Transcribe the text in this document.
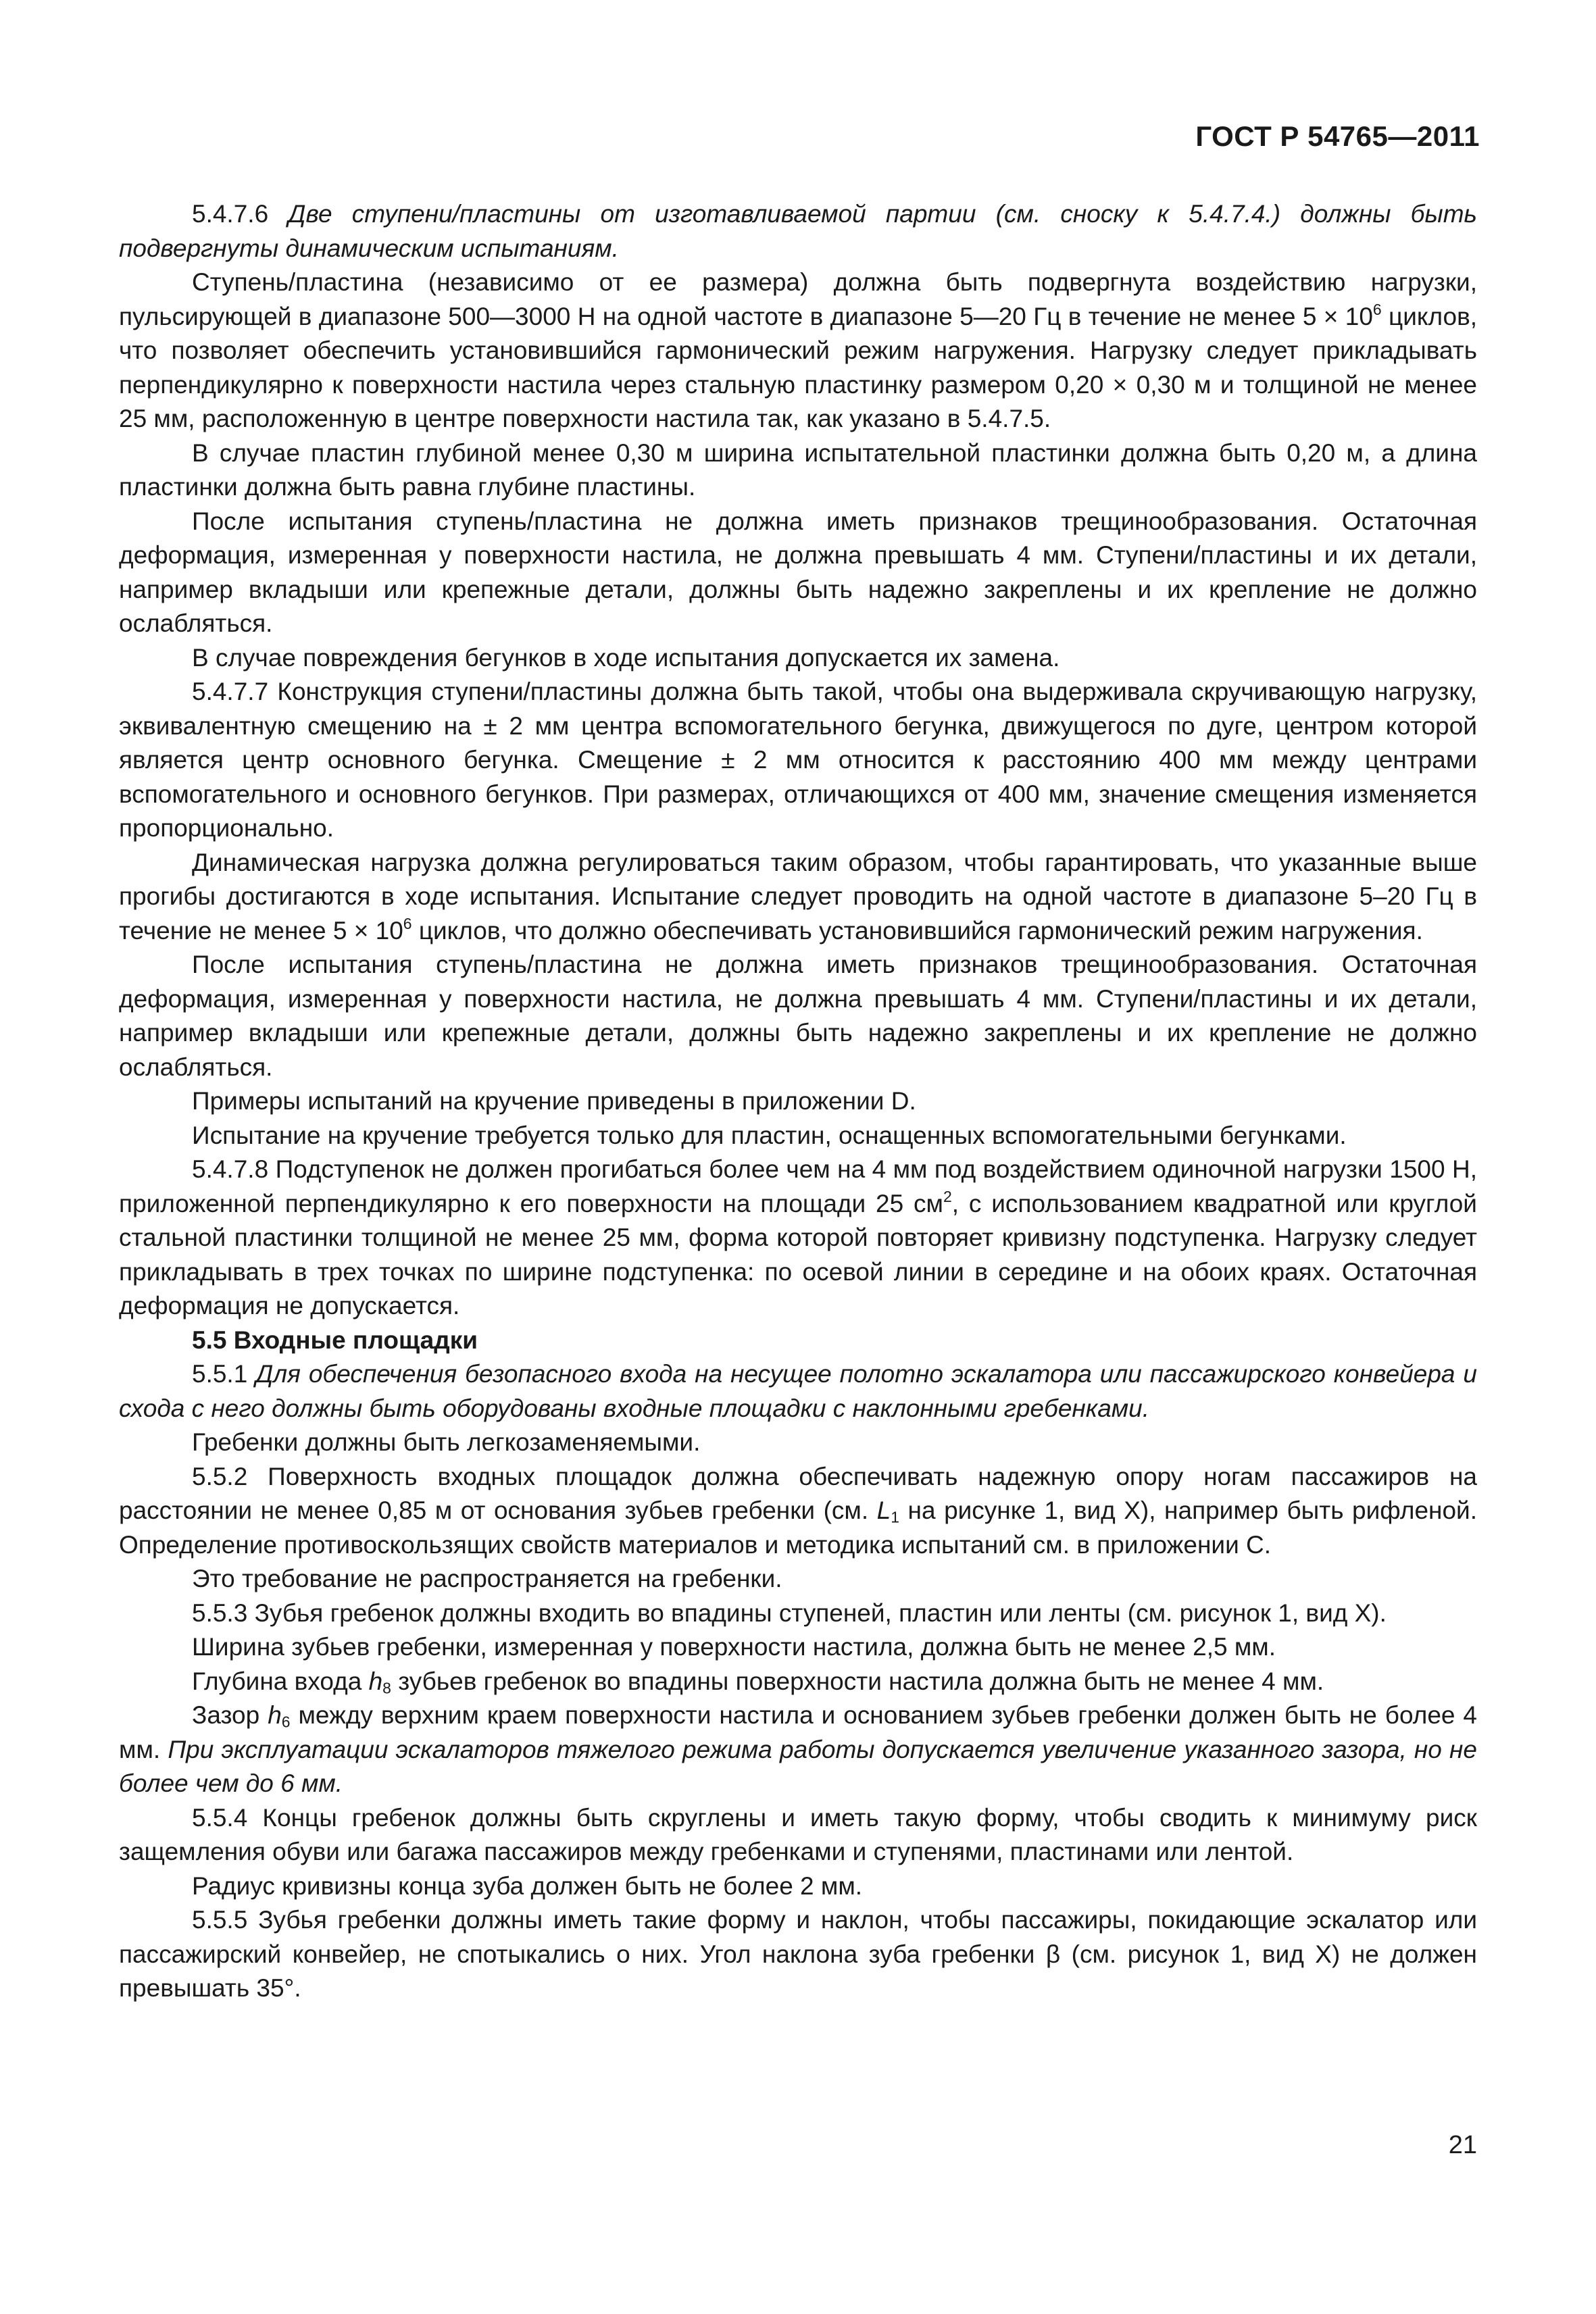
ГОСТ Р 54765—2011

5.4.7.6 Две ступени/пластины от изготавливаемой партии (см. сноску к 5.4.7.4.) должны быть подвергнуты динамическим испытаниям.

Ступень/пластина (независимо от ее размера) должна быть подвергнута воздействию нагрузки, пульсирующей в диапазоне 500—3000 Н на одной частоте в диапазоне 5—20 Гц в течение не менее $5 \times 10^6$ циклов, что позволяет обеспечить установившийся гармонический режим нагружения. Нагрузку следует прикладывать перпендикулярно к поверхности настила через стальную пластинку размером 0,20 × 0,30 м и толщиной не менее 25 мм, расположенную в центре поверхности настила так, как указано в 5.4.7.5.

В случае пластин глубиной менее 0,30 м ширина испытательной пластинки должна быть 0,20 м, а длина пластинки должна быть равна глубине пластины.

После испытания ступень/пластина не должна иметь признаков трещинообразования. Остаточная деформация, измеренная у поверхности настила, не должна превышать 4 мм. Ступени/пластины и их детали, например вкладыши или крепежные детали, должны быть надежно закреплены и их крепление не должно ослабляться.

В случае повреждения бегунков в ходе испытания допускается их замена.

5.4.7.7 Конструкция ступени/пластины должна быть такой, чтобы она выдерживала скручивающую нагрузку, эквивалентную смещению на ± 2 мм центра вспомогательного бегунка, движущегося по дуге, центром которой является центр основного бегунка. Смещение ± 2 мм относится к расстоянию 400 мм между центрами вспомогательного и основного бегунков. При размерах, отличающихся от 400 мм, значение смещения изменяется пропорционально.

Динамическая нагрузка должна регулироваться таким образом, чтобы гарантировать, что указанные выше прогибы достигаются в ходе испытания. Испытание следует проводить на одной частоте в диапазоне 5–20 Гц в течение не менее $5 \times 10^6$ циклов, что должно обеспечивать установившийся гармонический режим нагружения.

После испытания ступень/пластина не должна иметь признаков трещинообразования. Остаточная деформация, измеренная у поверхности настила, не должна превышать 4 мм. Ступени/пластины и их детали, например вкладыши или крепежные детали, должны быть надежно закреплены и их крепление не должно ослабляться.

Примеры испытаний на кручение приведены в приложении D.

Испытание на кручение требуется только для пластин, оснащенных вспомогательными бегунками.

5.4.7.8 Подступенок не должен прогибаться более чем на 4 мм под воздействием одиночной нагрузки 1500 Н, приложенной перпендикулярно к его поверхности на площади 25 $см^2$, с использованием квадратной или круглой стальной пластинки толщиной не менее 25 мм, форма которой повторяет кривизну подступенка. Нагрузку следует прикладывать в трех точках по ширине подступенка: по осевой линии в середине и на обоих краях. Остаточная деформация не допускается.

5.5 Входные площадки

5.5.1 Для обеспечения безопасного входа на несущее полотно эскалатора или пассажирского конвейера и схода с него должны быть оборудованы входные площадки с наклонными гребенками.

Гребенки должны быть легкозаменяемыми.

5.5.2 Поверхность входных площадок должна обеспечивать надежную опору ногам пассажиров на расстоянии не менее 0,85 м от основания зубьев гребенки (см. $L_1$ на рисунке 1, вид X), например быть рифленой. Определение противоскользящих свойств материалов и методика испытаний см. в приложении C.

Это требование не распространяется на гребенки.

5.5.3 Зубья гребенок должны входить во впадины ступеней, пластин или ленты (см. рисунок 1, вид X).

Ширина зубьев гребенки, измеренная у поверхности настила, должна быть не менее 2,5 мм.

Глубина входа $h_8$ зубьев гребенок во впадины поверхности настила должна быть не менее 4 мм.

Зазор $h_6$ между верхним краем поверхности настила и основанием зубьев гребенки должен быть не более 4 мм. При эксплуатации эскалаторов тяжелого режима работы допускается увеличение указанного зазора, но не более чем до 6 мм.

5.5.4 Концы гребенок должны быть скруглены и иметь такую форму, чтобы сводить к минимуму риск защемления обуви или багажа пассажиров между гребенками и ступенями, пластинами или лентой.

Радиус кривизны конца зуба должен быть не более 2 мм.

5.5.5 Зубья гребенки должны иметь такие форму и наклон, чтобы пассажиры, покидающие эскалатор или пассажирский конвейер, не спотыкались о них. Угол наклона зуба гребенки β (см. рисунок 1, вид X) не должен превышать 35°.

21
